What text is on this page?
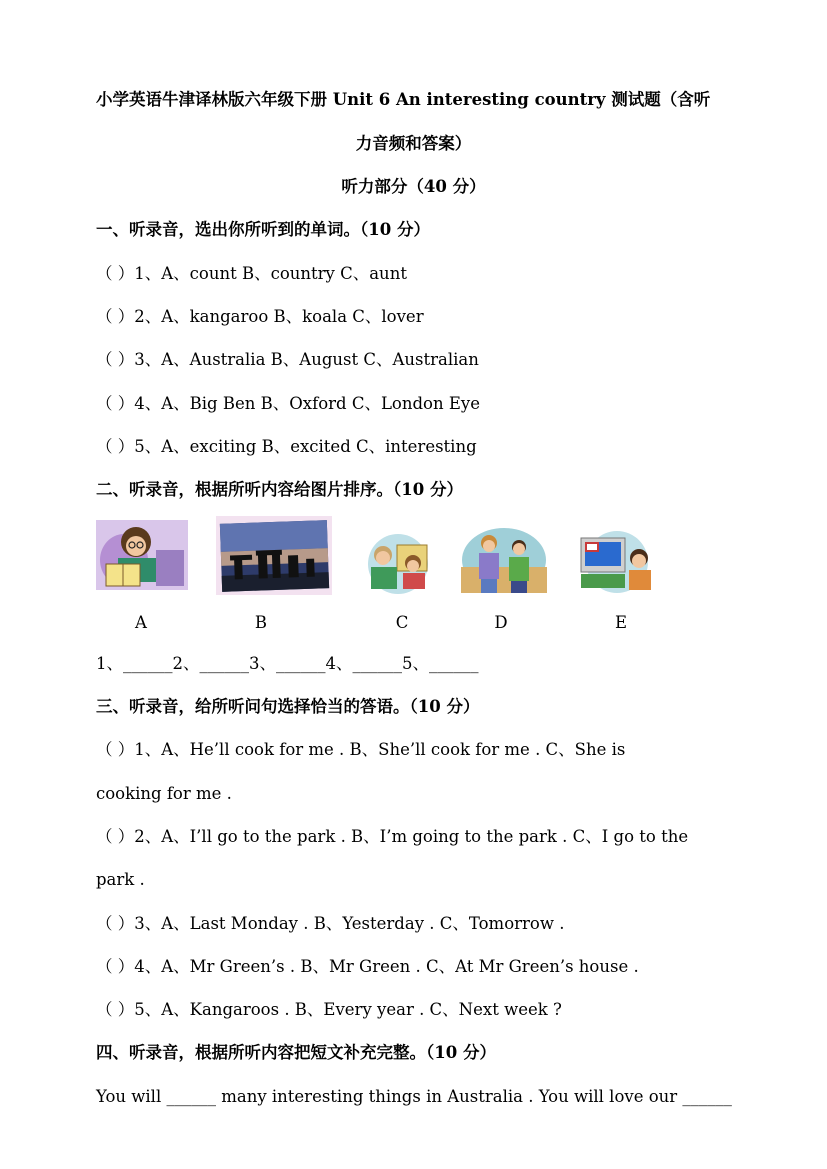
小学英语牛津译林版六年级下册 Unit 6 An interesting country 测试题（含听
力音频和答案）
听力部分（40 分）
一、听录音，选出你所听到的单词。（10 分）
（ ）1、A、count B、country C、aunt
（ ）2、A、kangaroo B、koala C、lover
（ ）3、A、Australia B、August C、Australian
（ ）4、A、Big Ben B、Oxford C、London Eye
（ ）5、A、exciting B、excited C、interesting
二、听录音，根据所听内容给图片排序。（10 分）
A	B	C	D	E
1、______2、______3、______4、______5、______
三、听录音，给所听问句选择恰当的答语。（10 分）
（ ）1、A、He’ll cook for me . B、She’ll cook for me . C、She is
cooking for me .
（ ）2、A、I’ll go to the park . B、I’m going to the park . C、I go to the
park .
（ ）3、A、Last Monday . B、Yesterday . C、Tomorrow .
（ ）4、A、Mr Green’s . B、Mr Green . C、At Mr Green’s house .
（ ）5、A、Kangaroos . B、Every year . C、Next week ?
四、听录音，根据所听内容把短文补充完整。（10 分）
You will ______ many interesting things in Australia . You will love our ______
